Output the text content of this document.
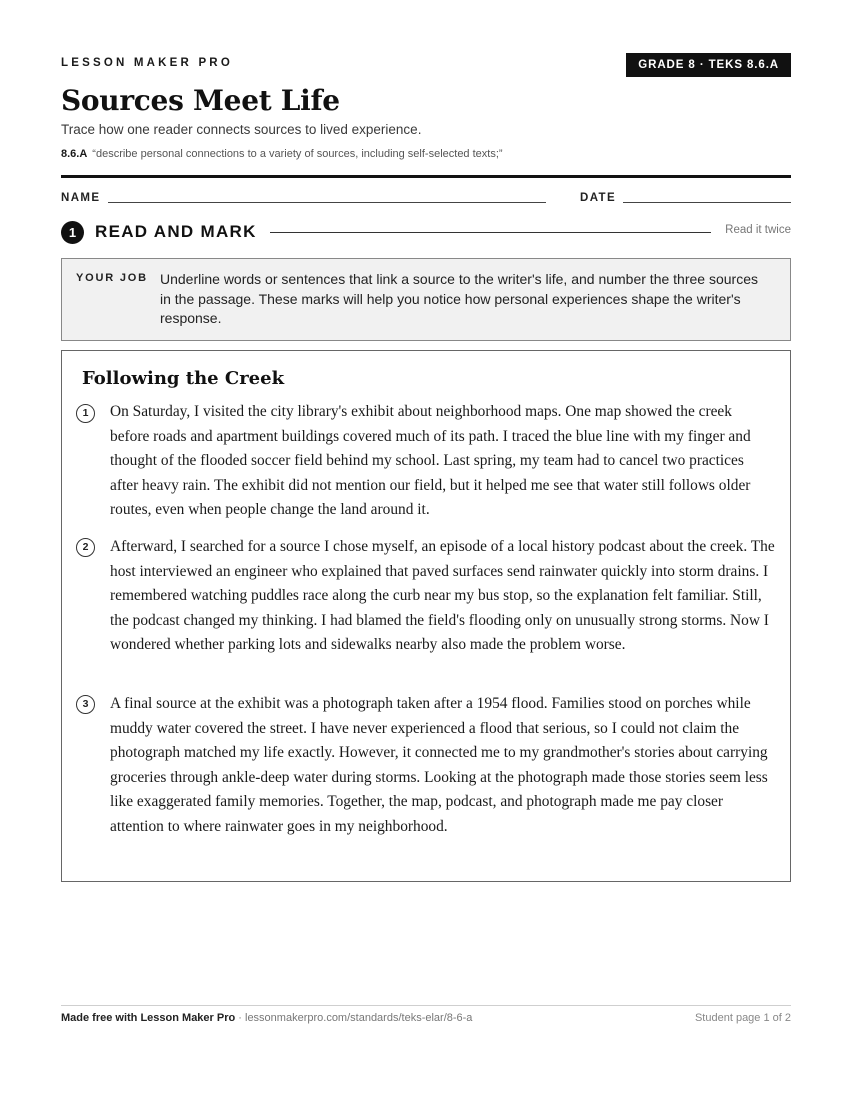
LESSON MAKER PRO	GRADE 8 · TEKS 8.6.A
Sources Meet Life
Trace how one reader connects sources to lived experience.
8.6.A “describe personal connections to a variety of sources, including self-selected texts;”
NAME	DATE
1	READ AND MARK	Read it twice
YOUR JOB Underline words or sentences that link a source to the writer's life, and number the three sources in the passage. These marks will help you notice how personal experiences shape the writer's response.
Following the Creek
1	On Saturday, I visited the city library's exhibit about neighborhood maps. One map showed the creek before roads and apartment buildings covered much of its path. I traced the blue line with my finger and thought of the flooded soccer field behind my school. Last spring, my team had to cancel two practices after heavy rain. The exhibit did not mention our field, but it helped me see that water still follows older routes, even when people change the land around it.
2	Afterward, I searched for a source I chose myself, an episode of a local history podcast about the creek. The host interviewed an engineer who explained that paved surfaces send rainwater quickly into storm drains. I remembered watching puddles race along the curb near my bus stop, so the explanation felt familiar. Still, the podcast changed my thinking. I had blamed the field's flooding only on unusually strong storms. Now I wondered whether parking lots and sidewalks nearby also made the problem worse.
3	A final source at the exhibit was a photograph taken after a 1954 flood. Families stood on porches while muddy water covered the street. I have never experienced a flood that serious, so I could not claim the photograph matched my life exactly. However, it connected me to my grandmother's stories about carrying groceries through ankle-deep water during storms. Looking at the photograph made those stories seem less like exaggerated family memories. Together, the map, podcast, and photograph made me pay closer attention to where rainwater goes in my neighborhood.
Made free with Lesson Maker Pro · lessonmakerpro.com/standards/teks-elar/8-6-a	Student page 1 of 2
